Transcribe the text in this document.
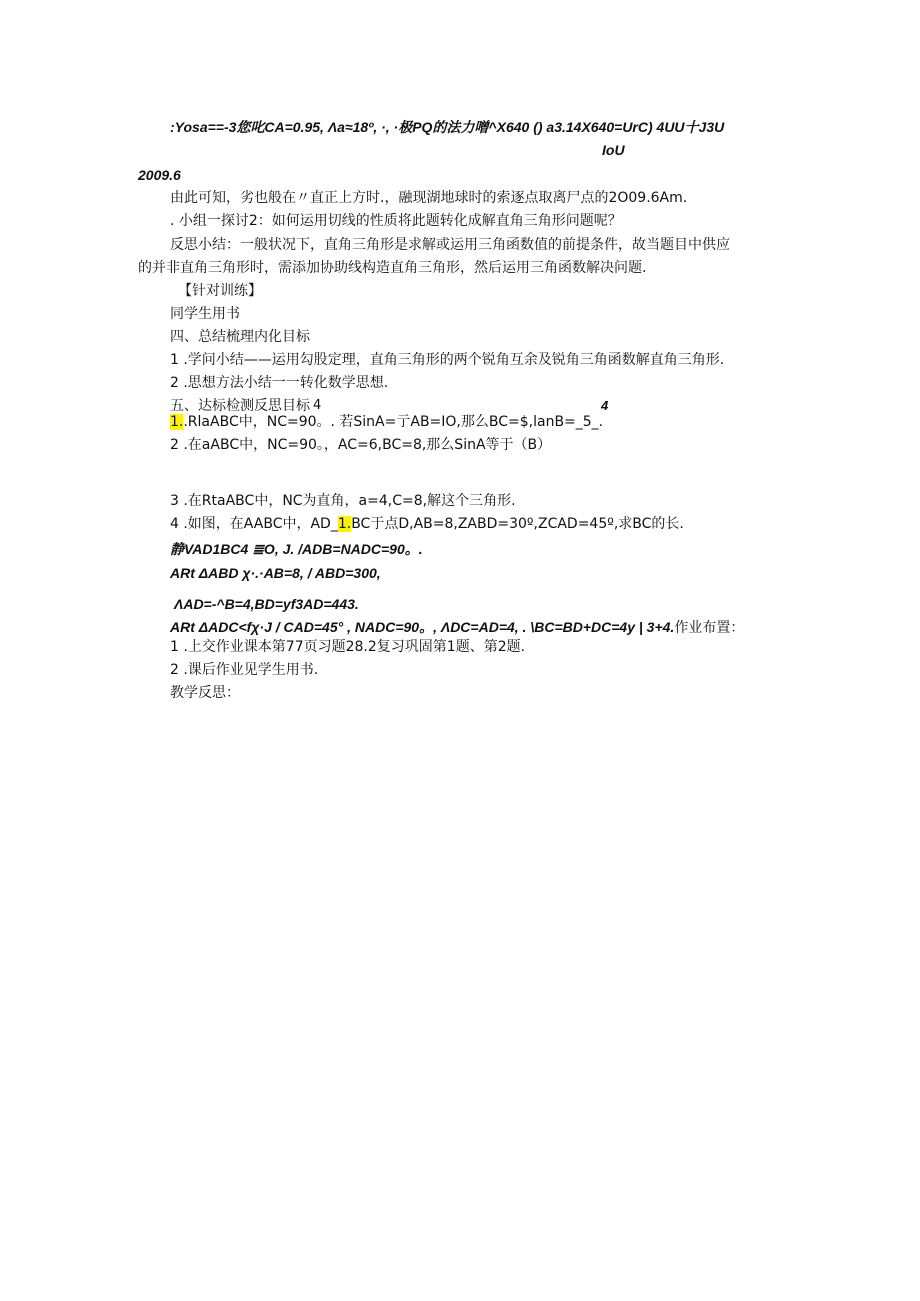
:Yosa==-3您叱CA=0.95, Λa≈18º, ·, ·极PQ的法力噌^X640 () a3.14X640=UrC) 4UU十J3U
IoU
2009.6
由此可知，劣也般在〃直正上方时.，融现湖地球时的索逐点取离尸点的2O09.6Am.
. 小组一探讨2：如何运用切线的性质将此题转化成解直角三角形问题呢？
反思小结：一般状况下，直角三角形是求解或运用三角函数值的前提条件，故当题目中供应
的并非直角三角形时，需添加协助线构造直角三角形，然后运用三角函数解决问题.
【针对训练】
同学生用书
四、总结梳理内化目标
1 .学问小结——运用勾股定理，直角三角形的两个锐角互余及锐角三角函数解直角三角形.
2 .思想方法小结一一转化数学思想.
五、达标检测反思目标 4	4
1..RlaABC中，NC=90。. 若SinA=亍AB=IO,那么BC=$,lanB=_5_.
2 .在aABC中，NC=90。，AC=6,BC=8,那么SinA等于（B）
3 .在RtaABC中，NC为直角，a=4,C=8,解这个三角形.
4 .如图，在AABC中，AD_1.BC于点D,AB=8,ZABD=30º,ZCAD=45º,求BC的长.
静VAD1BC4 ≣O, J. /ADB=NADC=90。.
ARt ΔABD χ·.·AB=8, / ABD=300,
ΛAD=-^B=4,BD=yf3AD=443.
ARt ΔADC<fχ·J / CAD=45° , NADC=90。, ΛDC=AD=4, . \BC=BD+DC=4y | 3+4.作业布置：
1 .上交作业课本第77页习题28.2复习巩固第1题、第2题.
2 .课后作业见学生用书.
教学反思：
